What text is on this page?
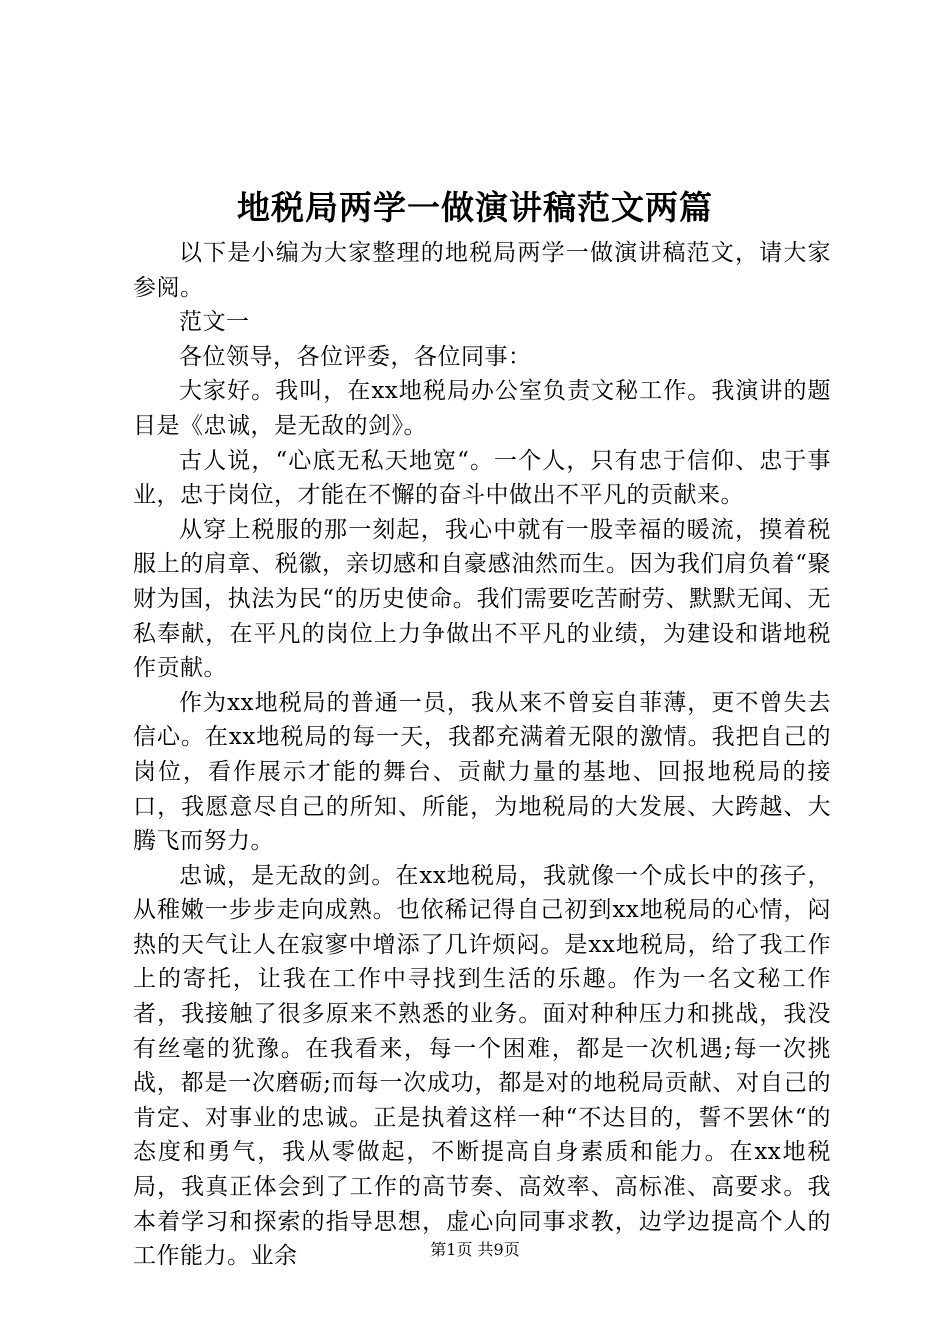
地税局两学一做演讲稿范文两篇

以下是小编为大家整理的地税局两学一做演讲稿范文，请大家参阅。

范文一

各位领导，各位评委，各位同事：

大家好。我叫，在xx地税局办公室负责文秘工作。我演讲的题目是《忠诚，是无敌的剑》。

古人说，“心底无私天地宽“。一个人，只有忠于信仰、忠于事业，忠于岗位，才能在不懈的奋斗中做出不平凡的贡献来。

从穿上税服的那一刻起，我心中就有一股幸福的暖流，摸着税服上的肩章、税徽，亲切感和自豪感油然而生。因为我们肩负着“聚财为国，执法为民“的历史使命。我们需要吃苦耐劳、默默无闻、无私奉献，在平凡的岗位上力争做出不平凡的业绩，为建设和谐地税作贡献。

作为xx地税局的普通一员，我从来不曾妄自菲薄，更不曾失去信心。在xx地税局的每一天，我都充满着无限的激情。我把自己的岗位，看作展示才能的舞台、贡献力量的基地、回报地税局的接口，我愿意尽自己的所知、所能，为地税局的大发展、大跨越、大腾飞而努力。

忠诚，是无敌的剑。在xx地税局，我就像一个成长中的孩子，从稚嫩一步步走向成熟。也依稀记得自己初到xx地税局的心情，闷热的天气让人在寂寥中增添了几许烦闷。是xx地税局，给了我工作上的寄托，让我在工作中寻找到生活的乐趣。作为一名文秘工作者，我接触了很多原来不熟悉的业务。面对种种压力和挑战，我没有丝毫的犹豫。在我看来，每一个困难，都是一次机遇;每一次挑战，都是一次磨砺;而每一次成功，都是对的地税局贡献、对自己的肯定、对事业的忠诚。正是执着这样一种“不达目的，誓不罢休“的态度和勇气，我从零做起，不断提高自身素质和能力。在xx地税局，我真正体会到了工作的高节奏、高效率、高标准、高要求。我本着学习和探索的指导思想，虚心向同事求教，边学边提高个人的工作能力。业余	第1页 共9页
